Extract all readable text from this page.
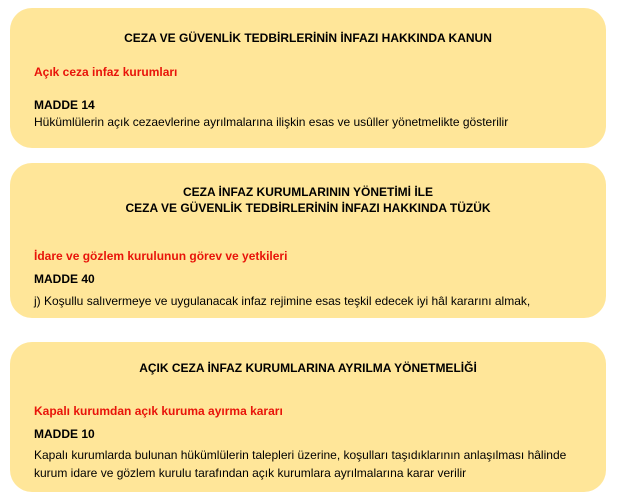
CEZA VE GÜVENLİK TEDBİRLERİNİN İNFAZI HAKKINDA KANUN
Açık ceza infaz kurumları
MADDE 14
Hükümlülerin açık cezaevlerine ayrılmalarına ilişkin esas ve usûller yönetmelikte gösterilir
CEZA İNFAZ KURUMLARININ YÖNETİMİ İLE
CEZA VE GÜVENLİK TEDBİRLERİNİN İNFAZI HAKKINDA TÜZÜK
İdare ve gözlem kurulunun görev ve yetkileri
MADDE 40
j) Koşullu salıvermeye ve uygulanacak infaz rejimine esas teşkil edecek iyi hâl kararını almak,
AÇIK CEZA İNFAZ KURUMLARINA AYRILMA YÖNETMELİĞİ
Kapalı kurumdan açık kuruma ayırma kararı
MADDE 10
Kapalı kurumlarda bulunan hükümlülerin talepleri üzerine, koşulları taşıdıklarının anlaşılması hâlinde
kurum idare ve gözlem kurulu tarafından açık kurumlara ayrılmalarına karar verilir
